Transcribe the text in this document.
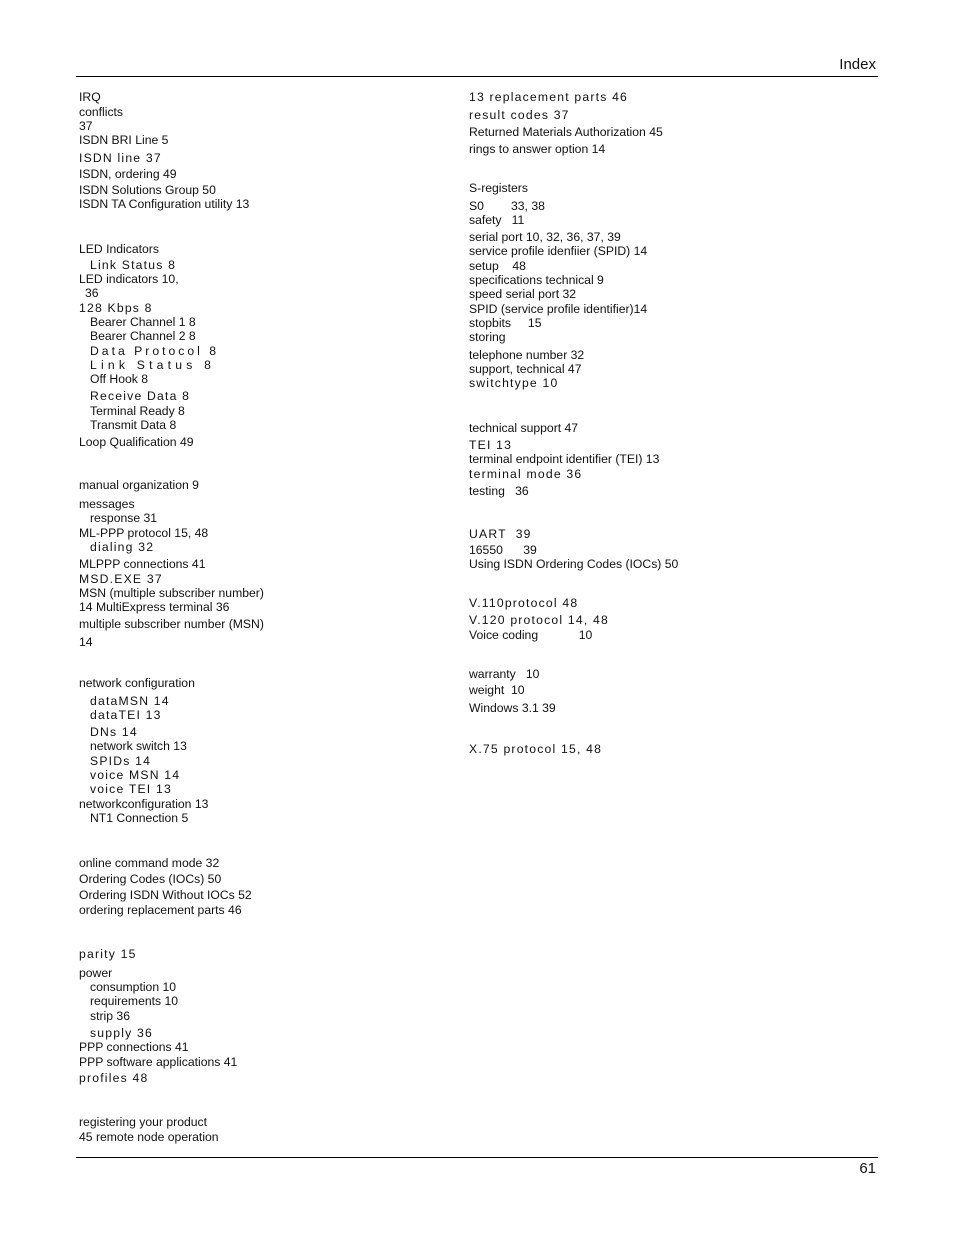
Index
IRQ
conflicts
37
ISDN BRI Line 5
ISDN line 37
ISDN, ordering 49
ISDN Solutions Group 50
ISDN TA Configuration utility 13
LED Indicators
Link Status 8
LED indicators 10,
36
128 Kbps 8
Bearer Channel 1 8
Bearer Channel 2 8
Data Protocol 8
Link Status 8
Off Hook 8
Receive Data 8
Terminal Ready 8
Transmit Data 8
Loop Qualification 49
manual organization 9
messages
response 31
ML-PPP protocol 15, 48
dialing 32
MLPPP connections 41
MSD.EXE 37
MSN (multiple subscriber number)
14 MultiExpress terminal 36
multiple subscriber number (MSN)
14
network configuration
dataMSN 14
dataTEI 13
DNs 14
network switch 13
SPIDs 14
voice MSN 14
voice TEI 13
networkconfiguration 13
NT1 Connection 5
online command mode 32
Ordering Codes (IOCs) 50
Ordering ISDN Without IOCs 52
ordering replacement parts 46
parity 15
power
consumption 10
requirements 10
strip 36
supply 36
PPP connections 41
PPP software applications 41
profiles 48
registering your product
45 remote node operation
13 replacement parts 46
result codes 37
Returned Materials Authorization 45
rings to answer option 14
S-registers
S0        33, 38
safety   11
serial port 10, 32, 36, 37, 39
service profile idenfiier (SPID) 14
setup    48
specifications technical 9
speed serial port 32
SPID (service profile identifier)14
stopbits     15
storing
telephone number 32
support, technical 47
switchtype 10
technical support 47
TEI 13
terminal endpoint identifier (TEI) 13
terminal mode 36
testing   36
UART  39
16550      39
Using ISDN Ordering Codes (IOCs) 50
V.110protocol 48
V.120 protocol 14, 48
Voice coding            10
warranty   10
weight  10
Windows 3.1 39
X.75 protocol 15, 48
61
